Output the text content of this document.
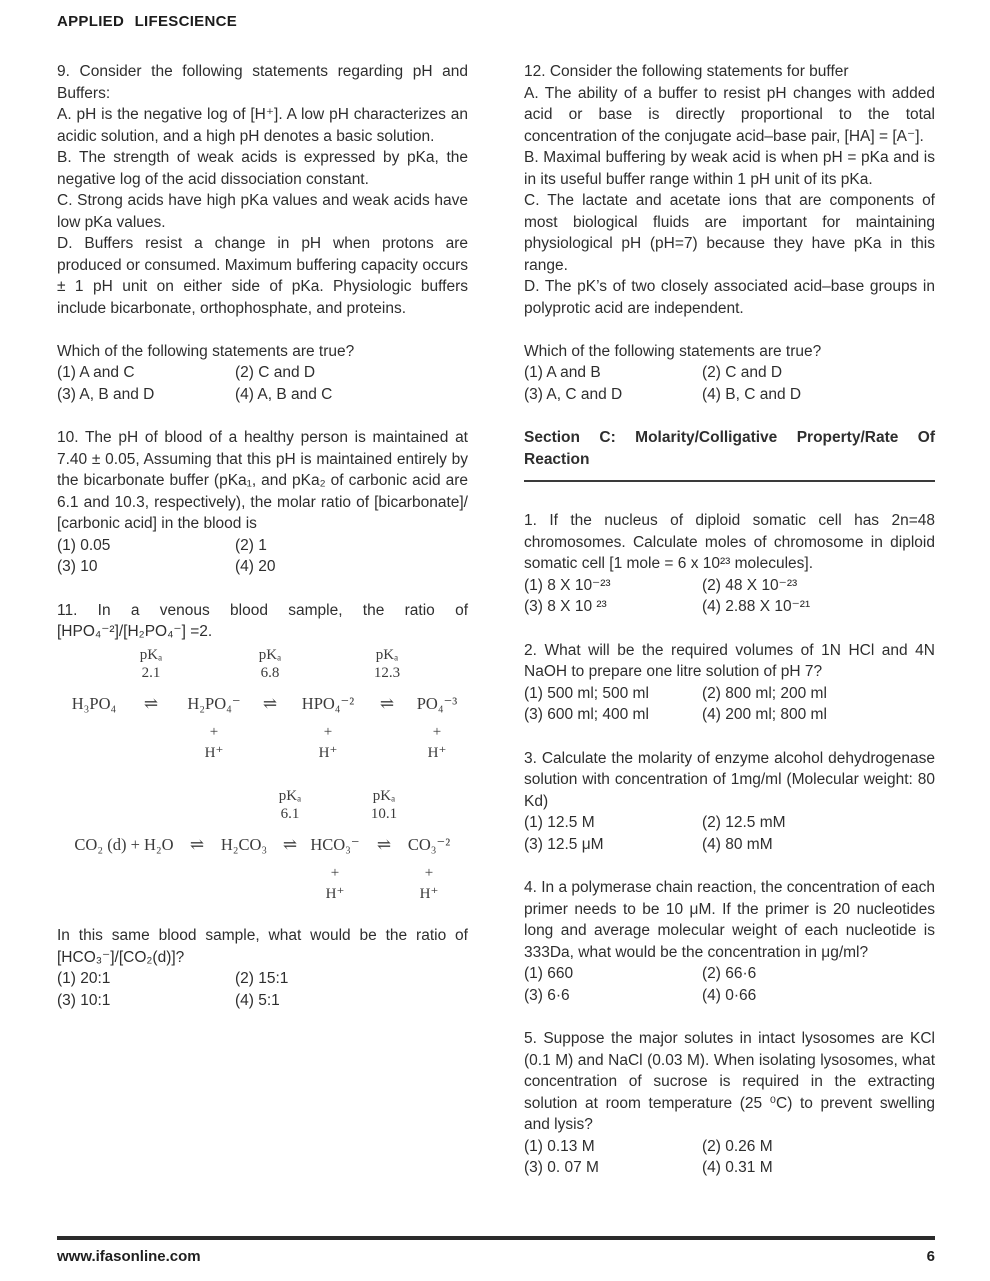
APPLIED LIFESCIENCE

9. Consider the following statements regarding pH and Buffers:

A. pH is the negative log of [H⁺]. A low pH characterizes an acidic solution, and a high pH denotes a basic solution.

B. The strength of weak acids is expressed by pKa, the negative log of the acid dissociation constant.

C. Strong acids have high pKa values and weak acids have low pKa values.

D. Buffers resist a change in pH when protons are produced or consumed. Maximum buffering capacity occurs ± 1 pH unit on either side of pKa. Physiologic buffers include bicarbonate, orthophosphate, and proteins.

Which of the following statements are true?

(1) A and C	(2) C and D
(3) A, B and D	(4) A, B and C

10. The pH of blood of a healthy person is maintained at 7.40 ± 0.05, Assuming that this pH is maintained entirely by the bicarbonate buffer (pKa₁, and pKa₂ of carbonic acid are 6.1 and 10.3, respectively), the molar ratio of [bicarbonate]/ [carbonic acid] in the blood is

(1) 0.05	(2) 1
(3) 10	(4) 20

11. In a venous blood sample, the ratio of [HPO₄⁻²]/[H₂PO₄⁻] =2.

pKₐ
2.1
pKₐ
6.8
pKₐ
12.3
H₃PO₄	⇌	H₂PO₄⁻	⇌	HPO₄⁻²	⇌	PO₄⁻³
+	+	+
H⁺	H⁺	H⁺
pKₐ
6.1
pKₐ
10.1
CO₂ (d) + H₂O ⇌	H₂CO₃ ⇌ HCO₃⁻	⇌	CO₃⁻²
+	+
H⁺	H⁺

In this same blood sample, what would be the ratio of [HCO₃⁻]/[CO₂(d)]?

(1) 20:1	(2) 15:1
(3) 10:1	(4) 5:1

12. Consider the following statements for buffer

A. The ability of a buffer to resist pH changes with added acid or base is directly proportional to the total concentration of the conjugate acid–base pair, [HA] = [A⁻].

B. Maximal buffering by weak acid is when pH = pKa and is in its useful buffer range within 1 pH unit of its pKa.

C. The lactate and acetate ions that are components of most biological fluids are important for maintaining physiological pH (pH=7) because they have pKa in this range.

D. The pK’s of two closely associated acid–base groups in polyprotic acid are independent.

Which of the following statements are true?

(1) A and B	(2) C and D
(3) A, C and D	(4) B, C and D
Section C: Molarity/Colligative Property/Rate Of Reaction

1. If the nucleus of diploid somatic cell has 2n=48 chromosomes. Calculate moles of chromosome in diploid somatic cell [1 mole = 6 x 10²³ molecules].

(1) 8 X 10⁻²³	(2) 48 X 10⁻²³
(3) 8 X 10 ²³	(4) 2.88 X 10⁻²¹

2. What will be the required volumes of 1N HCl and 4N NaOH to prepare one litre solution of pH 7?

(1) 500 ml; 500 ml	(2) 800 ml; 200 ml
(3) 600 ml; 400 ml	(4) 200 ml; 800 ml

3. Calculate the molarity of enzyme alcohol dehydrogenase solution with concentration of 1mg/ml (Molecular weight: 80 Kd)

(1) 12.5 M	(2) 12.5 mM
(3) 12.5 μM	(4) 80 mM

4. In a polymerase chain reaction, the concentration of each primer needs to be 10 μM. If the primer is 20 nucleotides long and average molecular weight of each nucleotide is 333Da, what would be the concentration in μg/ml?

(1) 660	(2) 66·6
(3) 6·6	(4) 0·66

5. Suppose the major solutes in intact lysosomes are KCl (0.1 M) and NaCl (0.03 M). When isolating lysosomes, what concentration of sucrose is required in the extracting solution at room temperature (25 ⁰C) to prevent swelling and lysis?

(1) 0.13 M	(2) 0.26 M
(3) 0. 07 M	(4) 0.31 M
www.ifasonline.com	6
